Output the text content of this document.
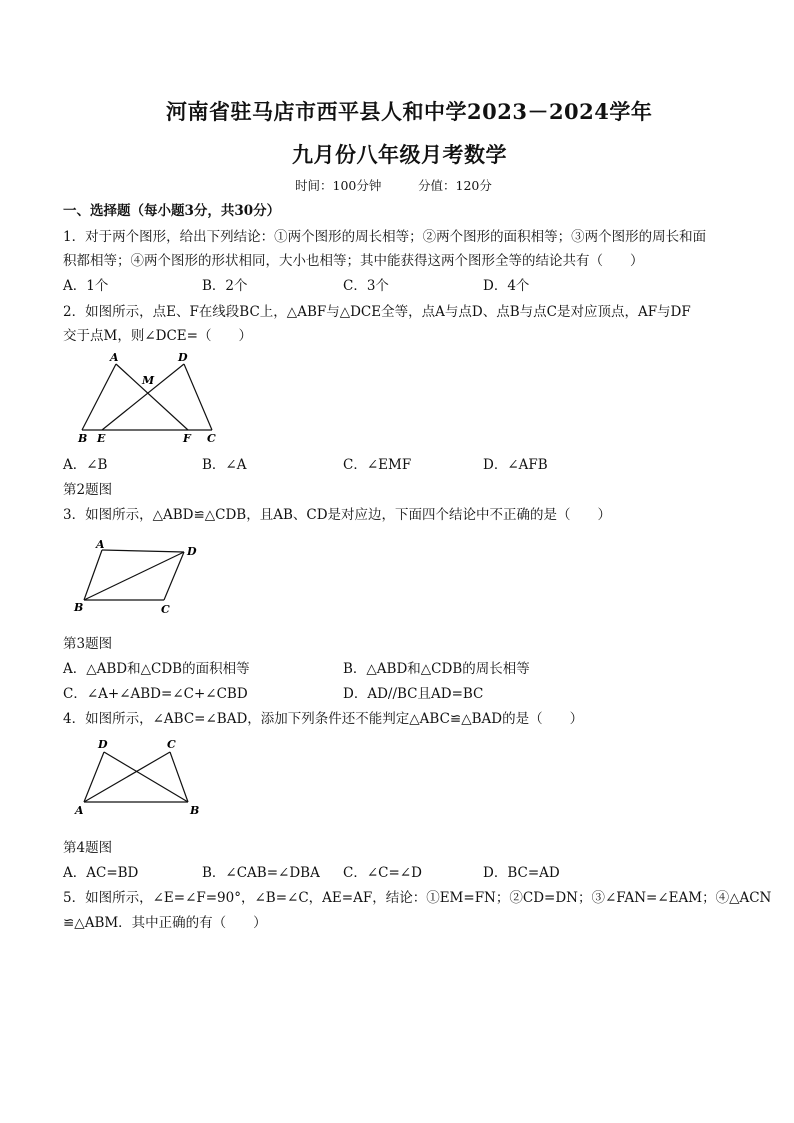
河南省驻马店市西平县人和中学2023－2024学年
九月份八年级月考数学
时间：100分钟	分值：120分
一、选择题（每小题3分，共30分）
1．对于两个图形，给出下列结论：①两个图形的周长相等；②两个图形的面积相等；③两个图形的周长和面
积都相等；④两个图形的形状相同，大小也相等；其中能获得这两个图形全等的结论共有（　　）
A．1个	B．2个	C．3个	D．4个
2．如图所示，点E、F在线段BC上，△ABF与△DCE全等，点A与点D、点B与点C是对应顶点，AF与DF
交于点M，则∠DCE=（　　）
A	D
M
B E	F C
A．∠B	B．∠A	C．∠EMF	D．∠AFB
第2题图
3．如图所示，△ABD≌△CDB，且AB、CD是对应边，下面四个结论中不正确的是（　　）
A
D
B	C
第3题图
A．△ABD和△CDB的面积相等	B．△ABD和△CDB的周长相等
C．∠A+∠ABD=∠C+∠CBD	D．AD//BC且AD=BC
4．如图所示，∠ABC=∠BAD，添加下列条件还不能判定△ABC≌△BAD的是（　　）
D	C
A	B
第4题图
A．AC=BD	B．∠CAB=∠DBA C．∠C=∠D	D．BC=AD
5．如图所示，∠E=∠F=90°，∠B=∠C，AE=AF，结论：①EM=FN；②CD=DN；③∠FAN=∠EAM；④△ACN
≌△ABM．其中正确的有（　　）
